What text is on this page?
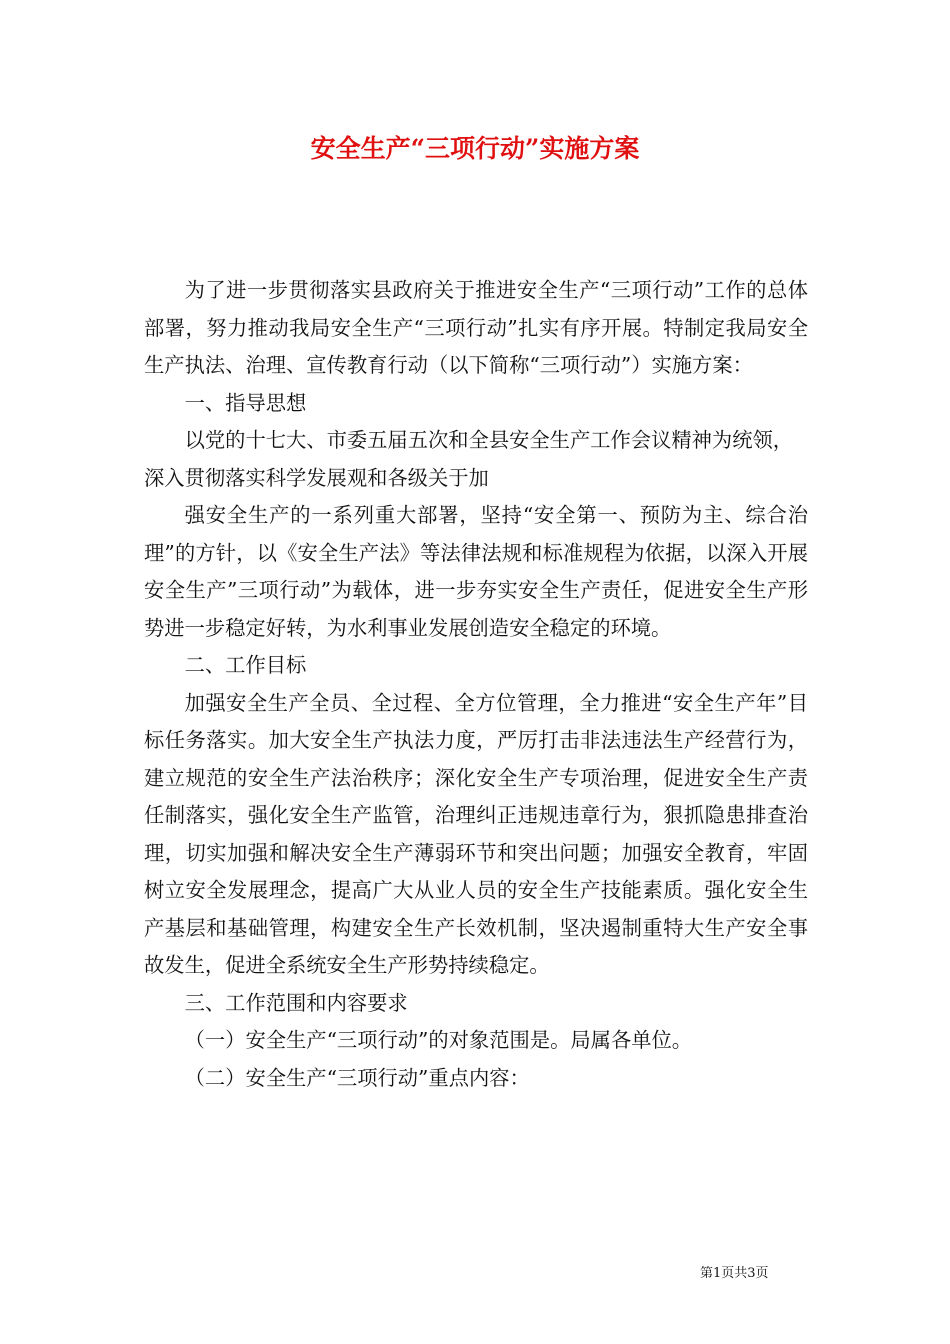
安全生产“三项行动”实施方案

为了进一步贯彻落实县政府关于推进安全生产“三项行动”工作的总体部署，努力推动我局安全生产“三项行动”扎实有序开展。特制定我局安全生产执法、治理、宣传教育行动（以下简称“三项行动”）实施方案：

一、指导思想

以党的十七大、市委五届五次和全县安全生产工作会议精神为统领，深入贯彻落实科学发展观和各级关于加

强安全生产的一系列重大部署，坚持“安全第一、预防为主、综合治理”的方针，以《安全生产法》等法律法规和标准规程为依据，以深入开展安全生产”三项行动”为载体，进一步夯实安全生产责任，促进安全生产形势进一步稳定好转，为水利事业发展创造安全稳定的环境。

二、工作目标

加强安全生产全员、全过程、全方位管理，全力推进“安全生产年”目标任务落实。加大安全生产执法力度，严厉打击非法违法生产经营行为，建立规范的安全生产法治秩序；深化安全生产专项治理，促进安全生产责任制落实，强化安全生产监管，治理纠正违规违章行为，狠抓隐患排查治理，切实加强和解决安全生产薄弱环节和突出问题；加强安全教育，牢固树立安全发展理念，提高广大从业人员的安全生产技能素质。强化安全生产基层和基础管理，构建安全生产长效机制，坚决遏制重特大生产安全事故发生，促进全系统安全生产形势持续稳定。

三、工作范围和内容要求

（一）安全生产“三项行动”的对象范围是。局属各单位。

（二）安全生产“三项行动”重点内容：

第1页共3页
